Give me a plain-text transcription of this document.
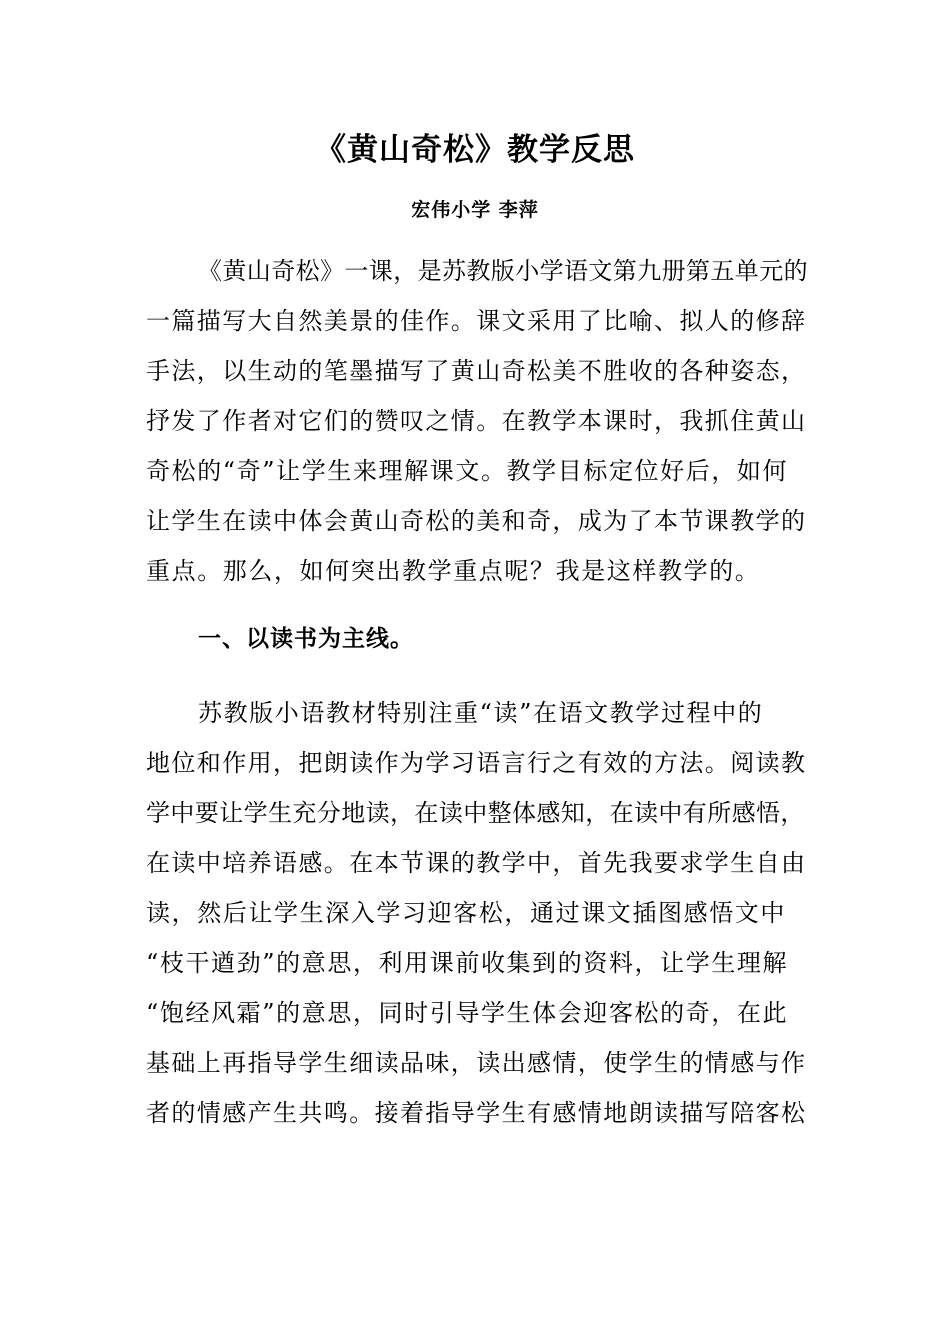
《黄山奇松》教学反思
宏伟小学 李萍
《黄山奇松》一课，是苏教版小学语文第九册第五单元的
一篇描写大自然美景的佳作。课文采用了比喻、拟人的修辞
手法，以生动的笔墨描写了黄山奇松美不胜收的各种姿态，
抒发了作者对它们的赞叹之情。在教学本课时，我抓住黄山
奇松的“奇”让学生来理解课文。教学目标定位好后，如何
让学生在读中体会黄山奇松的美和奇，成为了本节课教学的
重点。那么，如何突出教学重点呢？我是这样教学的。
一、以读书为主线。
苏教版小语教材特别注重“读”在语文教学过程中的
地位和作用，把朗读作为学习语言行之有效的方法。阅读教
学中要让学生充分地读，在读中整体感知，在读中有所感悟，
在读中培养语感。在本节课的教学中，首先我要求学生自由
读，然后让学生深入学习迎客松，通过课文插图感悟文中
“枝干遒劲”的意思，利用课前收集到的资料，让学生理解
“饱经风霜”的意思，同时引导学生体会迎客松的奇，在此
基础上再指导学生细读品味，读出感情，使学生的情感与作
者的情感产生共鸣。接着指导学生有感情地朗读描写陪客松
